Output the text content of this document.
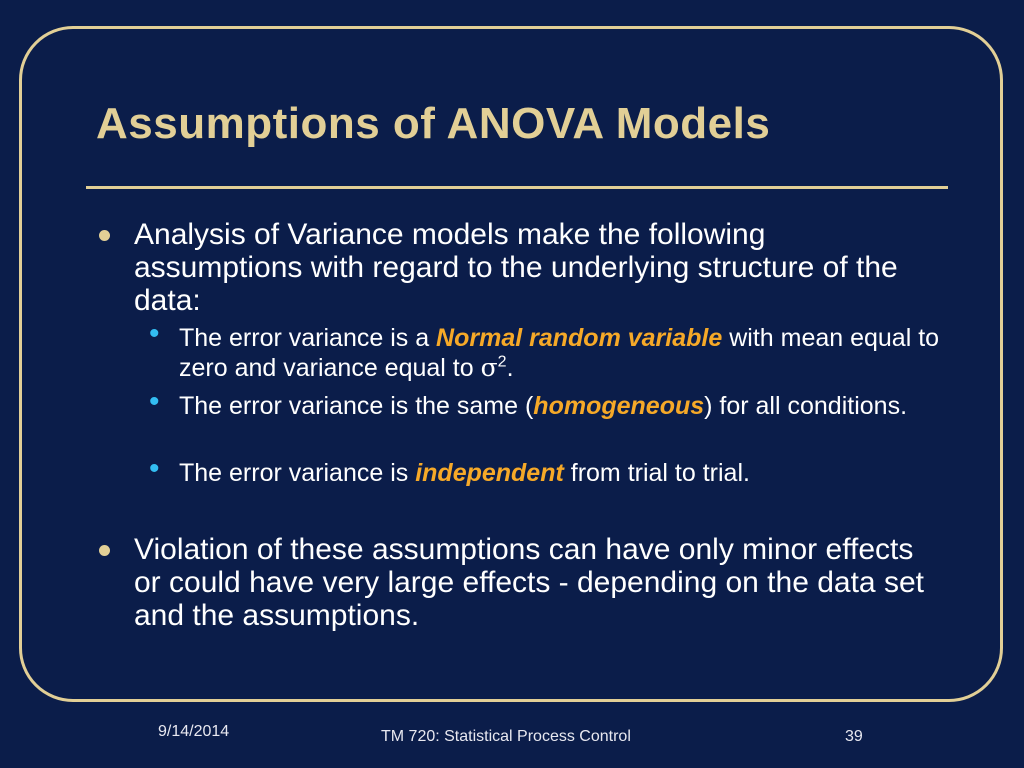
Assumptions of ANOVA Models
Analysis of Variance models make the following assumptions with regard to the underlying structure of the data:
• The error variance is a Normal random variable with mean equal to zero and variance equal to $\sigma^2$.
• The error variance is the same (homogeneous) for all conditions.
• The error variance is independent from trial to trial.
Violation of these assumptions can have only minor effects or could have very large effects - depending on the data set and the assumptions.
9/14/2014	TM 720: Statistical Process Control	39
